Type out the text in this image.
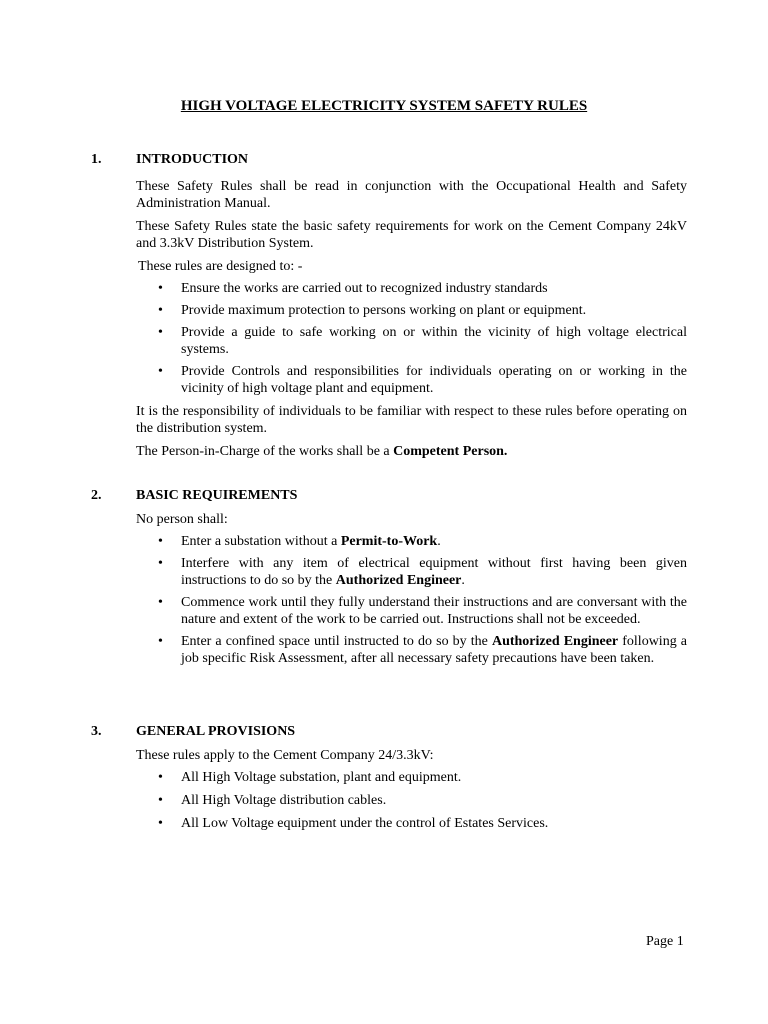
HIGH VOLTAGE ELECTRICITY SYSTEM SAFETY RULES
1. INTRODUCTION

These Safety Rules shall be read in conjunction with the Occupational Health and Safety Administration Manual.

These Safety Rules state the basic safety requirements for work on the Cement Company 24kV and 3.3kV Distribution System.

These rules are designed to: -

• Ensure the works are carried out to recognized industry standards
• Provide maximum protection to persons working on plant or equipment.
• Provide a guide to safe working on or within the vicinity of high voltage electrical systems.
• Provide Controls and responsibilities for individuals operating on or working in the vicinity of high voltage plant and equipment.

It is the responsibility of individuals to be familiar with respect to these rules before operating on the distribution system.

The Person-in-Charge of the works shall be a Competent Person.

2. BASIC REQUIREMENTS

No person shall:

• Enter a substation without a Permit-to-Work.
• Interfere with any item of electrical equipment without first having been given instructions to do so by the Authorized Engineer.
• Commence work until they fully understand their instructions and are conversant with the nature and extent of the work to be carried out. Instructions shall not be exceeded.
• Enter a confined space until instructed to do so by the Authorized Engineer following a job specific Risk Assessment, after all necessary safety precautions have been taken.
3. GENERAL PROVISIONS

These rules apply to the Cement Company 24/3.3kV:

• All High Voltage substation, plant and equipment.
• All High Voltage distribution cables.
• All Low Voltage equipment under the control of Estates Services.
Page 1
